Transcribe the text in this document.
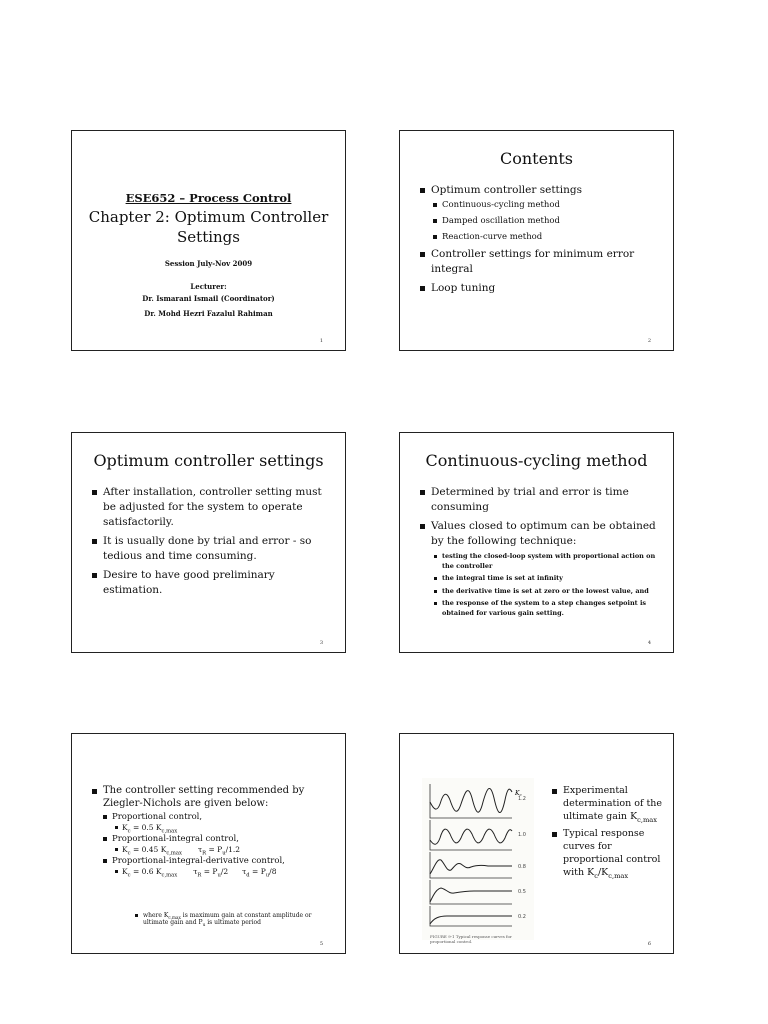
ESE652 – Process Control
Chapter 2: Optimum Controller
Settings
Session July-Nov 2009
Lecturer:
Dr. Ismarani Ismail (Coordinator)
Dr. Mohd Hezri Fazalul Rahiman
1
Contents
Optimum controller settings
Continuous-cycling method
Damped oscillation method
Reaction-curve method
Controller settings for minimum error integral
Loop tuning
2
Optimum controller settings
After installation, controller setting must be adjusted for the system to operate satisfactorily.
It is usually done by trial and error - so tedious and time consuming.
Desire to have good preliminary estimation.
3
Continuous-cycling method
Determined by trial and error is time consuming
Values closed to optimum can be obtained by the following technique:
testing the closed-loop system with proportional action on the controller
the integral time is set at infinity
the derivative time is set at zero or the lowest value, and
the response of the system to a step changes setpoint is obtained for various gain setting.
4
The controller setting recommended by Ziegler-Nichols are given below:
Proportional control,
$K_c = 0.5$ $K_{c,max}$
Proportional-integral control,
$K_c = 0.45$ $K_{c,max}$ $\tau_R = P_u/1.2$
Proportional-integral-derivative control,
$K_c = 0.6$ $K_{c,max}$ $\tau_R = P_u/2$ $\tau_d = P_u/8$
where $K_{c,max}$ is maximum gain at constant amplitude or ultimate gain and $P_u$ is ultimate period
5
Kc
1.2
1.0
0.8
0.5
0.2
FIGURE 9-1 Typical response curves for proportional control.
Experimental determination of the ultimate gain $K_{c,max}$
Typical response curves for proportional control with $K_c/K_{c,max}$
6
